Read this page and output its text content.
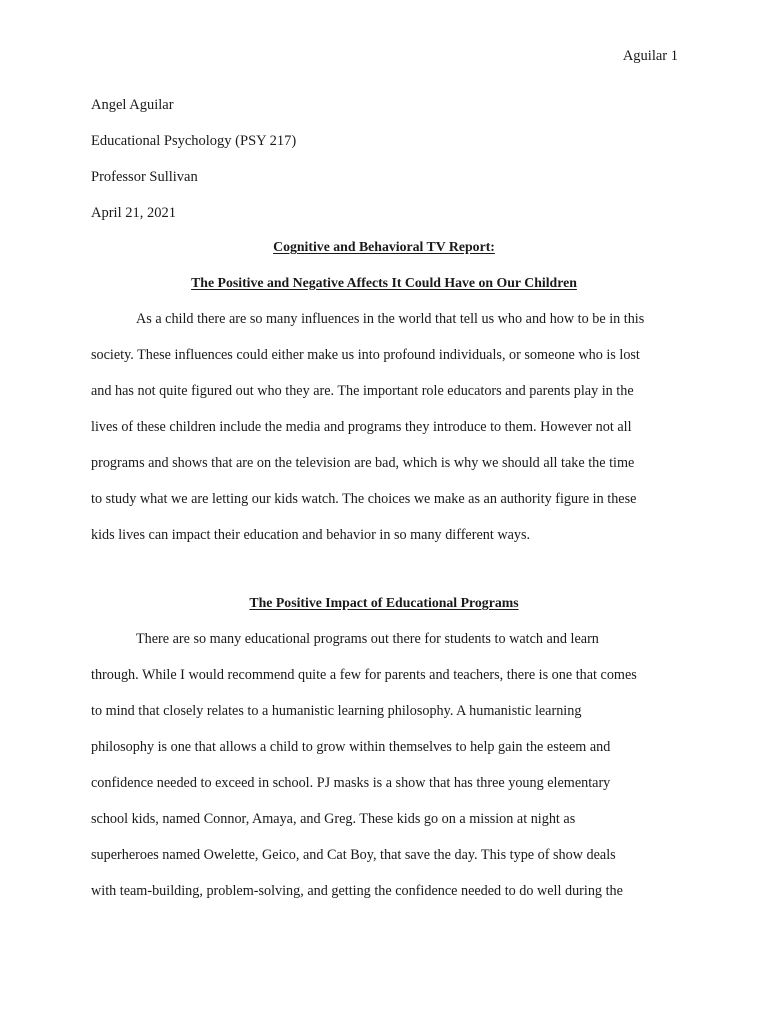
Aguilar 1
Angel Aguilar
Educational Psychology (PSY 217)
Professor Sullivan
April 21, 2021
Cognitive and Behavioral TV Report:
The Positive and Negative Affects It Could Have on Our Children
As a child there are so many influences in the world that tell us who and how to be in this
society. These influences could either make us into profound individuals, or someone who is lost
and has not quite figured out who they are. The important role educators and parents play in the
lives of these children include the media and programs they introduce to them. However not all
programs and shows that are on the television are bad, which is why we should all take the time
to study what we are letting our kids watch. The choices we make as an authority figure in these
kids lives can impact their education and behavior in so many different ways.
The Positive Impact of Educational Programs
There are so many educational programs out there for students to watch and learn
through. While I would recommend quite a few for parents and teachers, there is one that comes
to mind that closely relates to a humanistic learning philosophy. A humanistic learning
philosophy is one that allows a child to grow within themselves to help gain the esteem and
confidence needed to exceed in school. PJ masks is a show that has three young elementary
school kids, named Connor, Amaya, and Greg. These kids go on a mission at night as
superheroes named Owelette, Geico, and Cat Boy, that save the day. This type of show deals
with team-building, problem-solving, and getting the confidence needed to do well during the
